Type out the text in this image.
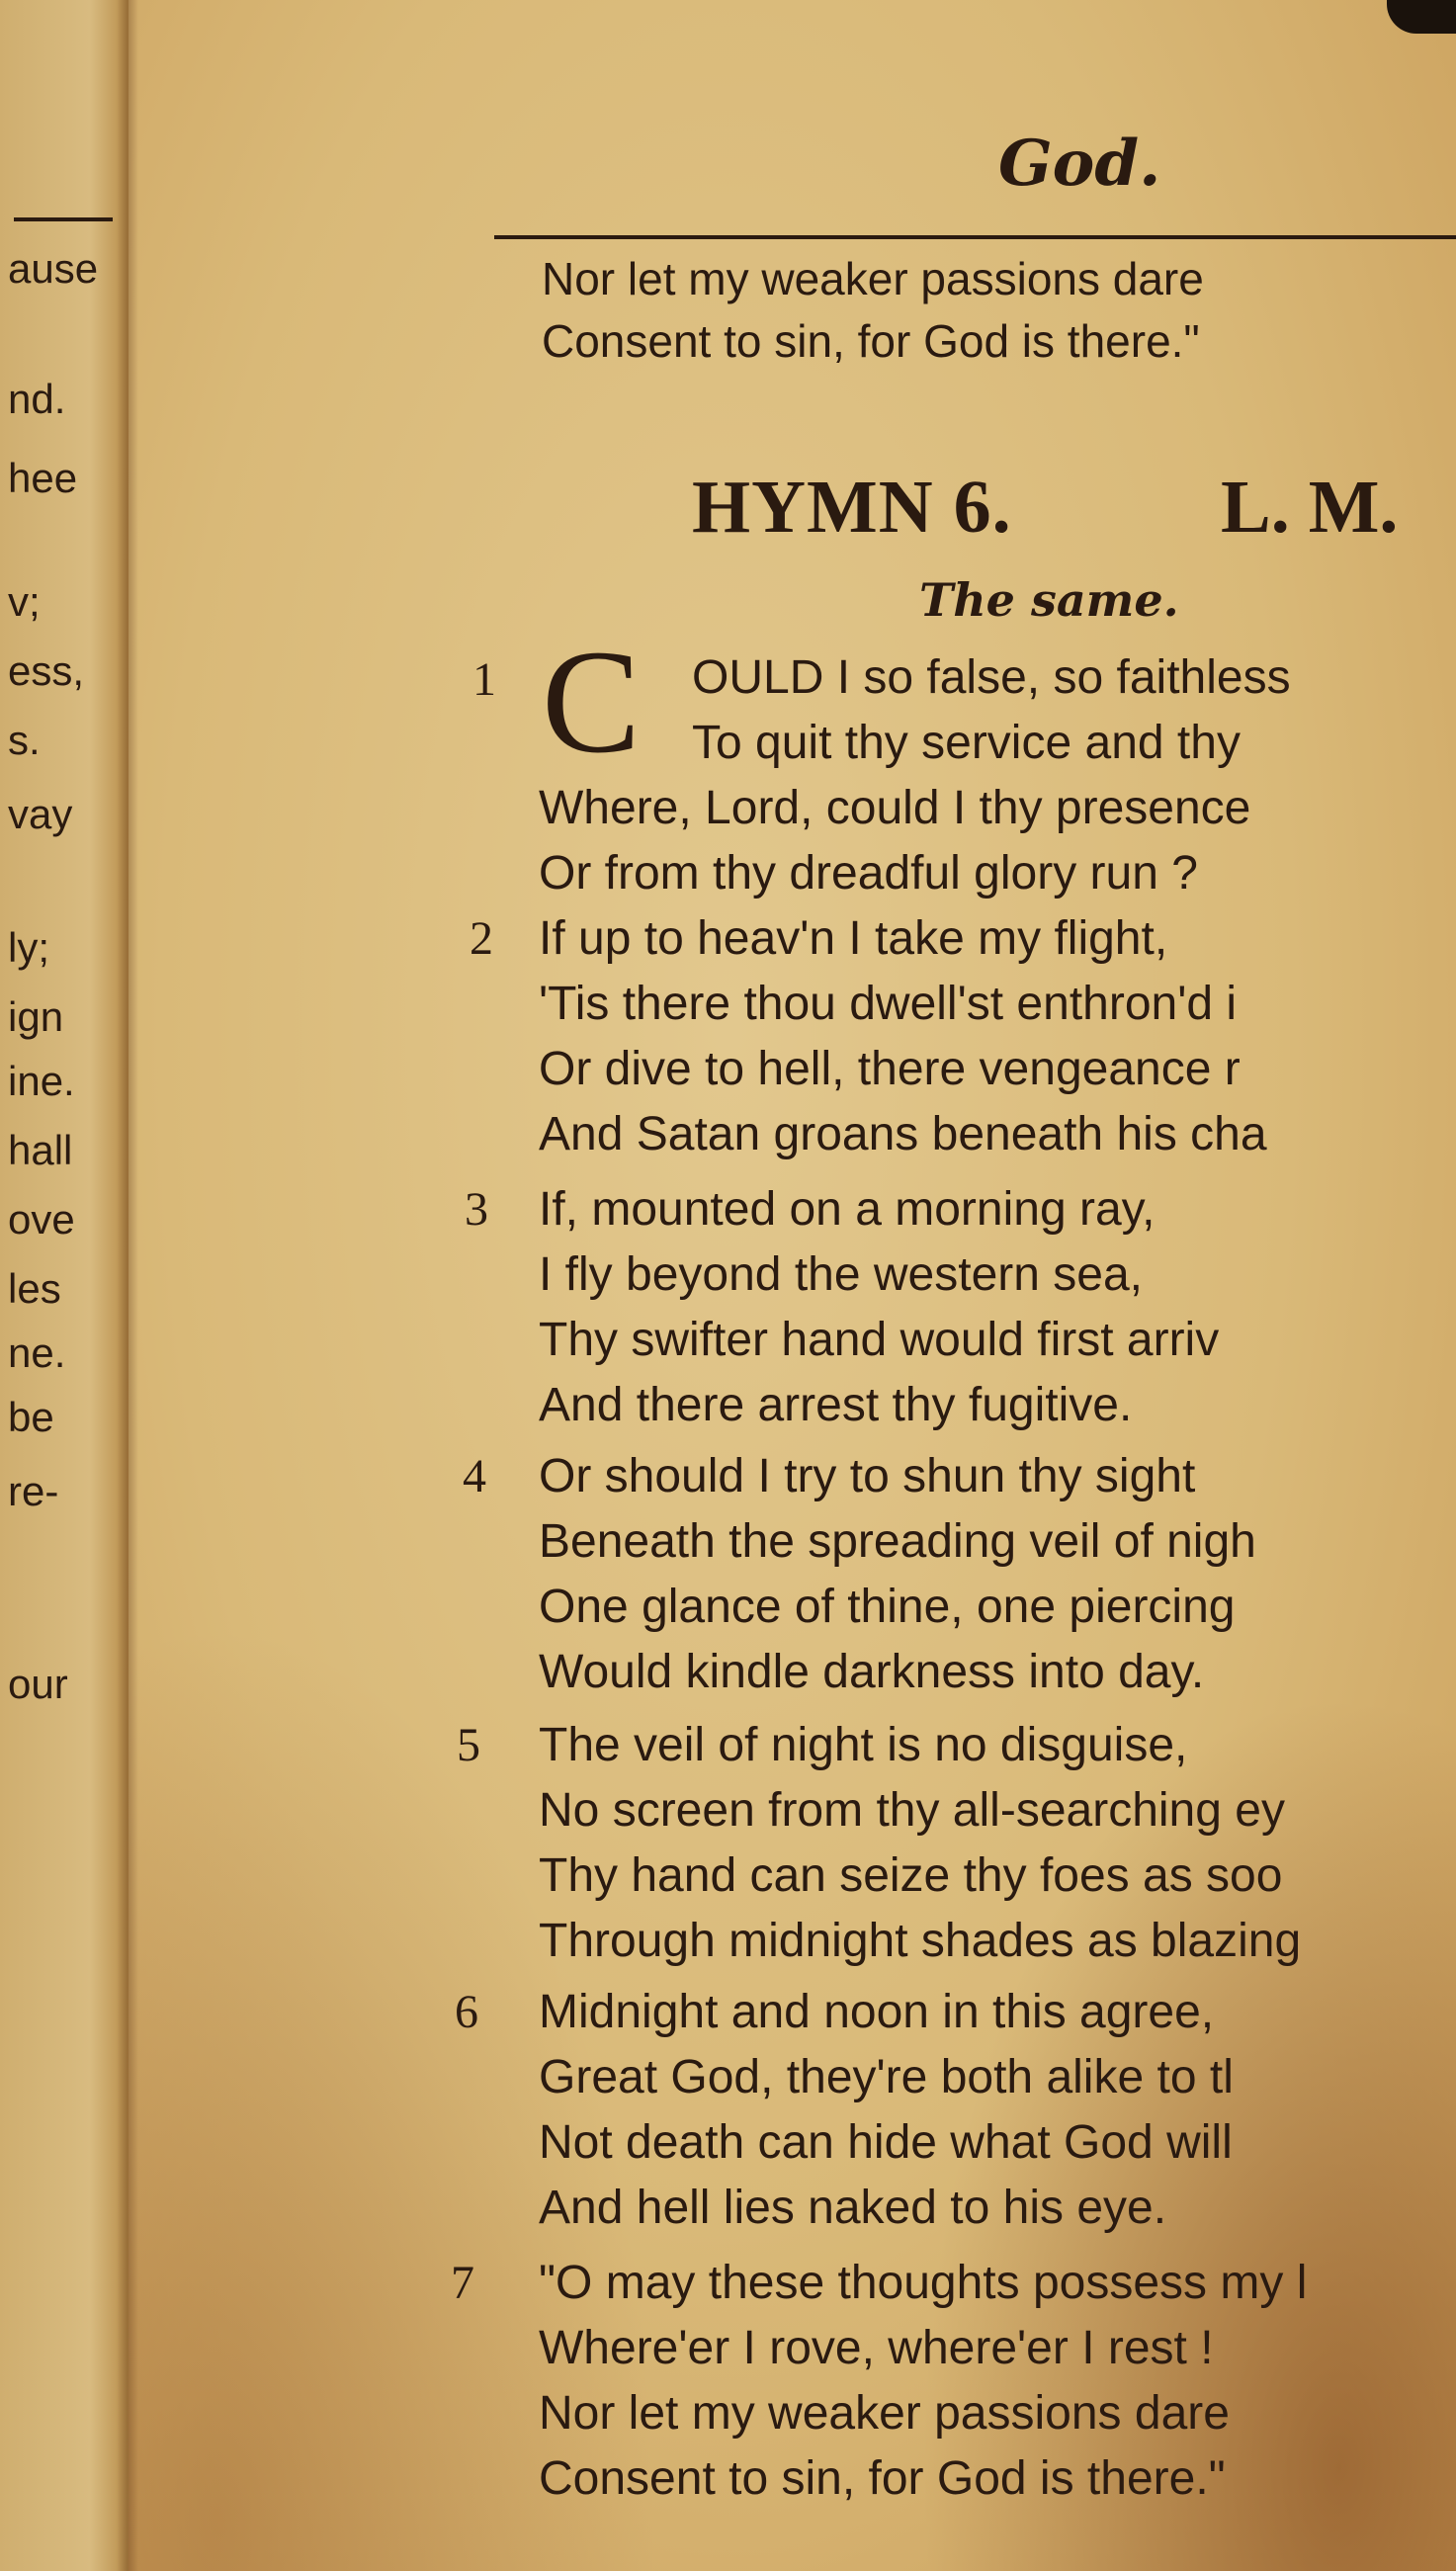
ause
nd.
hee
v;
ess,
s.
vay
ly;
ign
ine.
hall
ove
les
ne.
be
re-
our
God.
Nor let my weaker passions dare
Consent to sin, for God is there."
HYMN 6.	L. M.
The same.
1 C OULD I so false, so faithless
To quit thy service and thy
Where, Lord, could I thy presence
Or from thy dreadful glory run ?
2 If up to heav'n I take my flight,
'Tis there thou dwell'st enthron'd i
Or dive to hell, there vengeance r
And Satan groans beneath his cha
3 If, mounted on a morning ray,
I fly beyond the western sea,
Thy swifter hand would first arriv
And there arrest thy fugitive.
4 Or should I try to shun thy sight
Beneath the spreading veil of nigh
One glance of thine, one piercing
Would kindle darkness into day.
5 The veil of night is no disguise,
No screen from thy all-searching ey
Thy hand can seize thy foes as soo
Through midnight shades as blazing
6 Midnight and noon in this agree,
Great God, they're both alike to tl
Not death can hide what God will
And hell lies naked to his eye.
7 "O may these thoughts possess my l
Where'er I rove, where'er I rest !
Nor let my weaker passions dare
Consent to sin, for God is there."
